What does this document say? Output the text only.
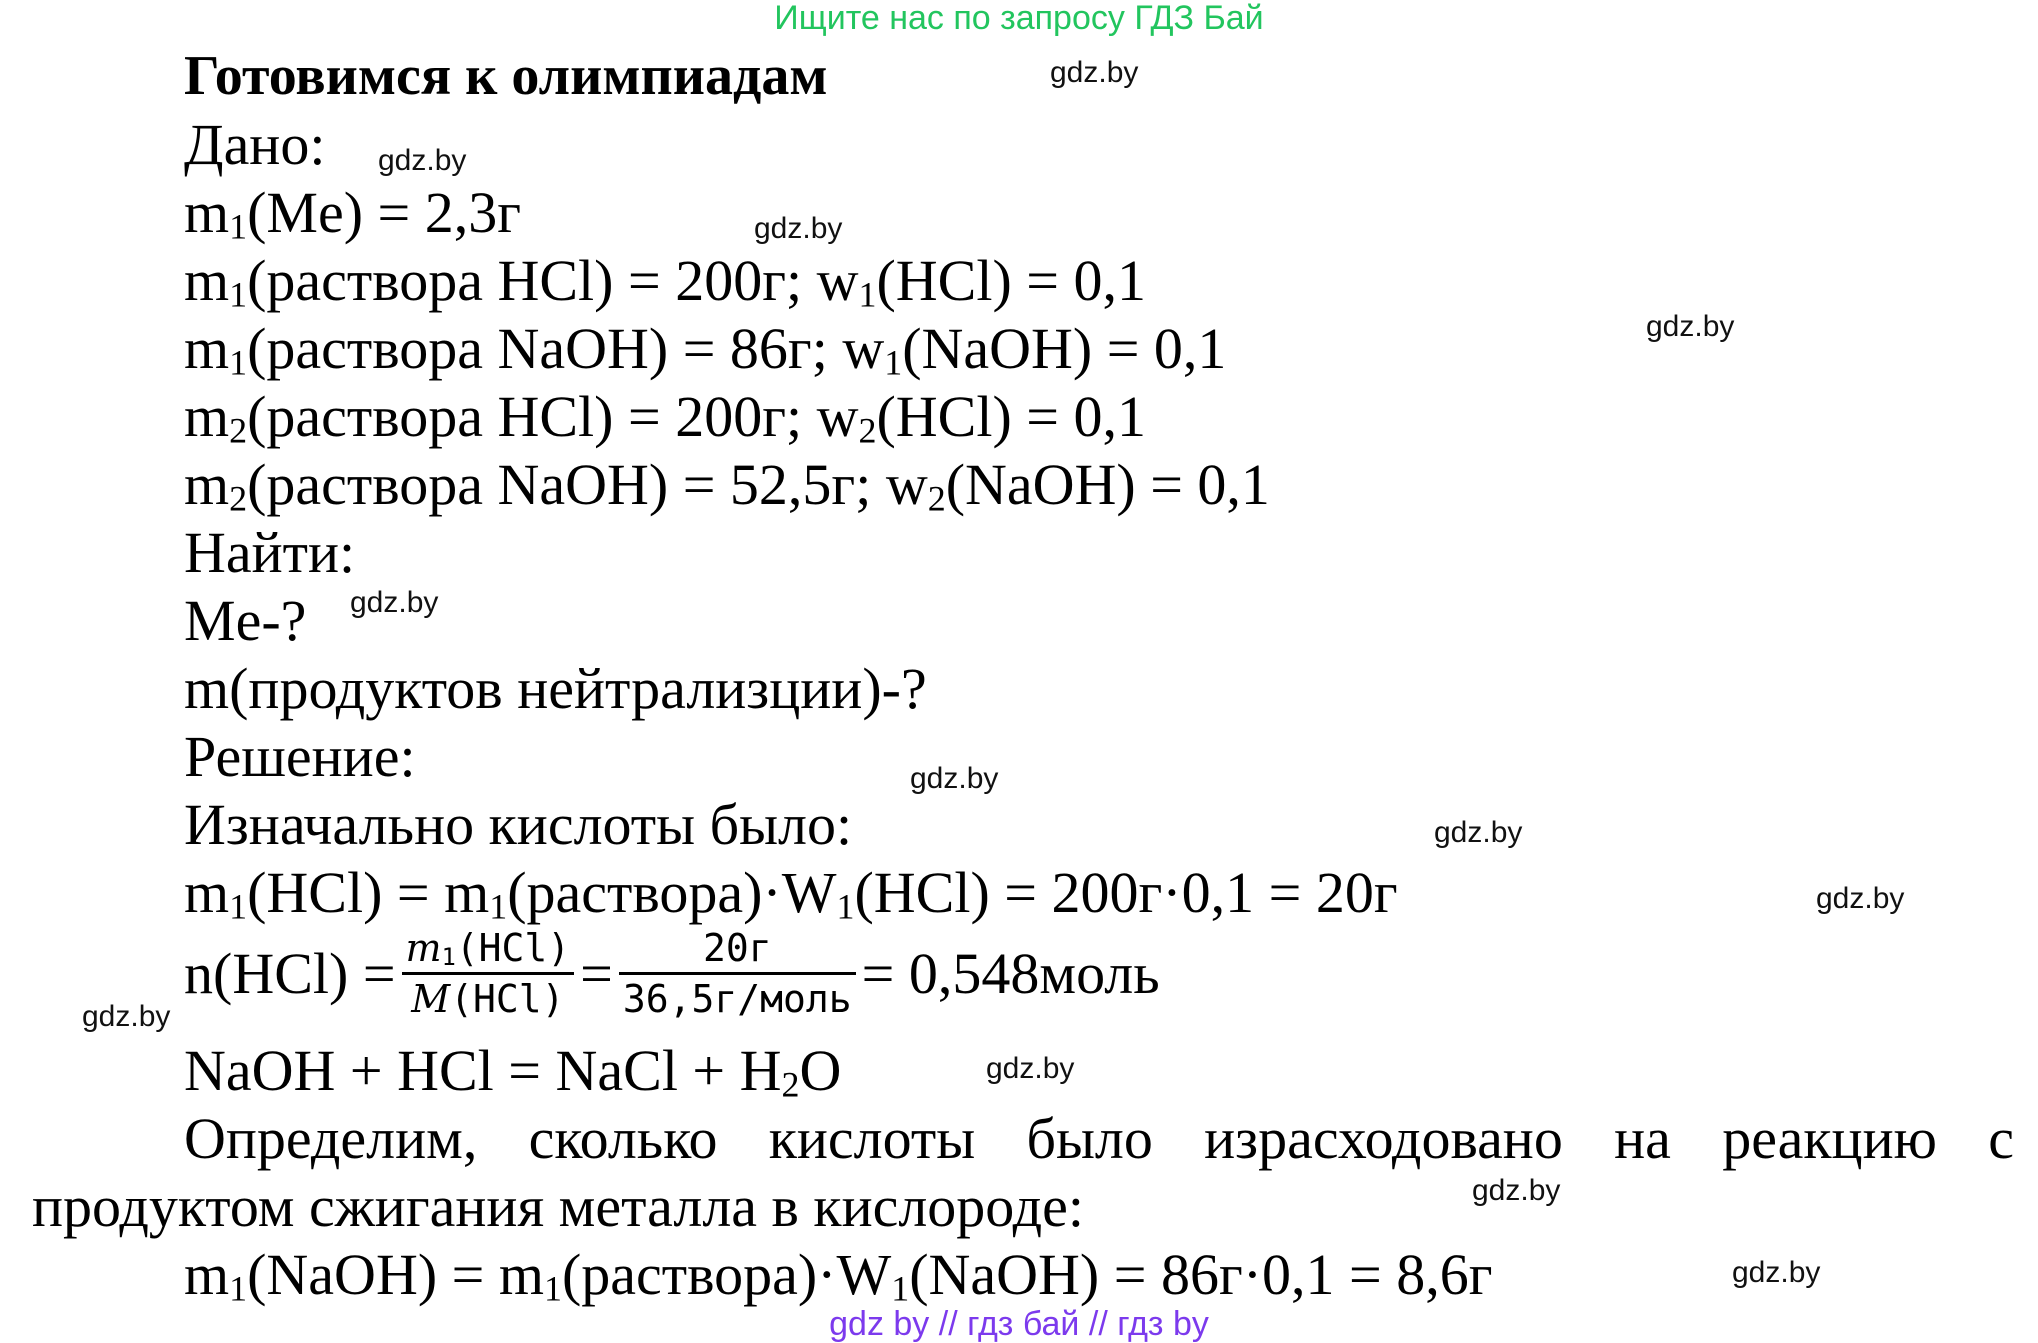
Ищите нас по запросу ГДЗ Бай
Готовимся к олимпиадам
Дано:
$m_1(Me) = 2,3г$
$m_1(раствора$ HCl) = 200г; $w_1(HCl) = 0,1$
$m_1(раствора$ NaOH) = 86г; $w_1(NaOH) = 0,1$
$m_2(раствора$ HCl) = 200г; $w_2(HCl) = 0,1$
$m_2(раствора$ NaOH) = 52,5г; $w_2(NaOH) = 0,1$
Найти:
Me-?
m(продуктов нейтрализции)-?
Решение:
Изначально кислоты было:
$m_1(HCl)$ = $m_1(раствора)\cdot W_1(HCl) = 200г\cdot 0,1 = 20г$
$n(HCl) = \frac{m_1(HCl)}{\text{M(HCl)}} = \frac{20г}{\text{36,5г/моль}}$ = 0,548моль
NaOH + HCl = NaCl + $H_2O$
Определим, сколько кислоты было израсходовано на реакцию с
продуктом сжигания металла в кислороде:
$m_1(NaOH)$ = $m_1(раствора)\cdot W_1(NaOH) = 86г\cdot 0,1 = 8,6г$
gdz.by
gdz.by
gdz.by
gdz.by
gdz.by
gdz.by
gdz.by
gdz.by
gdz.by
gdz.by
gdz.by
gdz.by
gdz by // гдз бай // гдз by
